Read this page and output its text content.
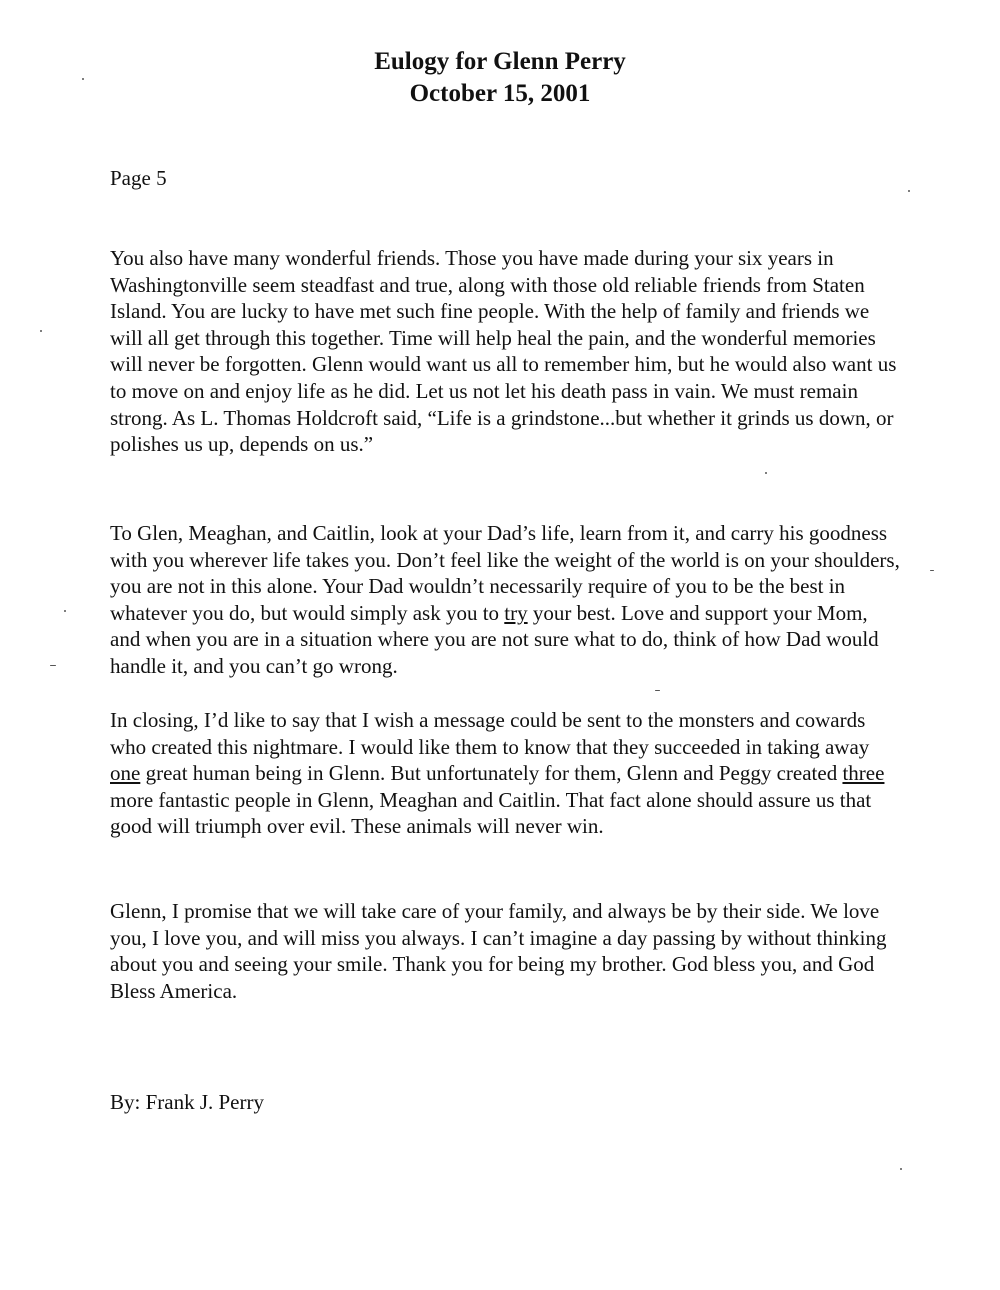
Eulogy for Glenn Perry
October 15, 2001
Page 5

You also have many wonderful friends. Those you have made during your six years in Washingtonville seem steadfast and true, along with those old reliable friends from Staten Island. You are lucky to have met such fine people. With the help of family and friends we will all get through this together. Time will help heal the pain, and the wonderful memories will never be forgotten. Glenn would want us all to remember him, but he would also want us to move on and enjoy life as he did. Let us not let his death pass in vain. We must remain strong. As L. Thomas Holdcroft said, “Life is a grindstone...but whether it grinds us down, or polishes us up, depends on us.”

To Glen, Meaghan, and Caitlin, look at your Dad’s life, learn from it, and carry his goodness with you wherever life takes you. Don’t feel like the weight of the world is on your shoulders, you are not in this alone. Your Dad wouldn’t necessarily require of you to be the best in whatever you do, but would simply ask you to try your best. Love and support your Mom, and when you are in a situation where you are not sure what to do, think of how Dad would handle it, and you can’t go wrong.

In closing, I’d like to say that I wish a message could be sent to the monsters and cowards who created this nightmare. I would like them to know that they succeeded in taking away one great human being in Glenn. But unfortunately for them, Glenn and Peggy created three more fantastic people in Glenn, Meaghan and Caitlin. That fact alone should assure us that good will triumph over evil. These animals will never win.

Glenn, I promise that we will take care of your family, and always be by their side. We love you, I love you, and will miss you always. I can’t imagine a day passing by without thinking about you and seeing your smile. Thank you for being my brother. God bless you, and God Bless America.

By: Frank J. Perry
